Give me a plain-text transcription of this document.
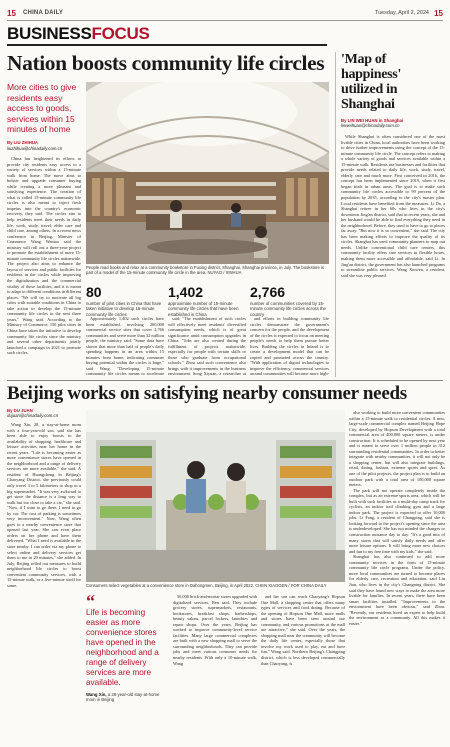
15 CHINA DAILY	Tuesday, April 2, 2024 15
BUSINESSFOCUS
Nation boosts community life circles
More cities to give residents easy access to goods, services within 15 minutes of home
By LIU ZHIHUA
liuzhihua@chinadaily.com.cn

China has heightened its efforts to provide city residents easy access to a variety of services within a 15-minute walk from home. The move aims to bolster and upgrade consumer buying while creating a more pleasant and satisfying experience. The creation of what is called 15-minute community life circles is also meant to inject fresh impetus into the country's economic recovery, they said. The circles aim to help residents meet their needs in daily life, work, study, travel, elder care and child care, among others. In a recent news conference in Beijing, Minister of Commerce Wang Wentao said the ministry will roll out a three-year project to promote the establishment of more 15-minute community life circles nationwide. The project also aims to enhance the layout of services and public facilities for residents in the circles while improving the digitalization and the commercial vitality of these facilities, and it is meant to adapt to different conditions in different places. "We will try to motivate all big cities with suitable conditions in China to take action to develop the 15-minute community life circles in the next three years," Wang said. According to the Ministry of Commerce, 150 pilot cities in China have taken the initiative to develop community life circles since the ministry and several other departments jointly launched a campaign in 2021 to promote such circles.

People read books and relax at a community bookstore in Fuxing district, Shanghai. Shanghai province, in July. The bookstore is part of a model of the 15-minute community life circle in the area. NUYAO / XINHUA
80
number of pilot cities in China that have taken initiative to develop 15-minute community life circles
1,402
approximate number of 15-minute community life circles that have been established in China
2,766
number of communities covered by 15-minute community life circles across the country

Approximately 1,402 such circles have been established, involving 200,000 commercial service sites that cover 2,766 communities and serve more than 32 million people, the ministry said. "Some data have shown that more than half of people's daily spending happens in an area within 15 minutes from home, indicating consumer buying potential within the circles is huge," said Wang. "Developing 15-minute community life circles means to accelerate

said: "The establishment of such circles will effectively meet residents' diversified consumption needs, which is of great significance amid consumption upgrades in China. "Jobs are also created during the fulfillment of projects nationwide, especially for people with certain skills or those who graduate from occupational schools." Zhou said such convenience also brings with it improvements in the business environment. Song Xiyuan, a researcher at

and efforts in building community life circles demonstrate the government's concern for the people, and the development of the circles is expected to focus on meeting people's needs to help them pursue better lives. Building the circles in Inland is to create a development model that can be copied and promoted across the country. "With application of digital technologies to improve the efficiency, commercial services around communities will become more high-

'Map of happiness' utilized in Shanghai
By LIN WEI HUAN in Shanghai
linweihuan@chinadaily.com.cn

While Shanghai is often considered one of the most livable cities in China, local authorities have been working to drive further improvements using the concept of the 15-minute community life circle. The concept refers to making a whole variety of goods and services available within a 15-minute walk. Residents use businesses and facilities that provide needs related to daily life, work, study, travel, elderly care and much more. First conceived in 2016, the concept has been implemented since 2019, when it first began trials in urban areas. The goal is to make such community life circles accessible to 99 percent of the population by 2035, according to the city's master plan. Local residents have benefited from the measures. Li Da, a Shanghai retiree in her 60s who lives in the city's downtown Jing'an district, said that in recent years, she and her husband would be able to find everything they need in the neighborhood. Before, they used to have to go to places far away. "But now it is so convenient," she said. The city has been making efforts to improve the quality of its circles. Shanghai has used community planners to map out needs. Unlike conventional child care centers, this community facility offers care services in flexible hours, making them more accessible and affordable, said Li. In Jing'an district, the government has also launched programs to streamline public services. Wang Xiuwen, a resident, said she was very pleased.

Beijing works on satisfying nearby consumer needs
By DU JUAN
dujuan@chinadaily.com.cn

Wang Xin, 28, a stay-at-home mom with a four-year-old son, said she has been able to enjoy boosts to the availability of shopping, healthcare and leisure activities near her home in the recent years. "Life is becoming easier as more convenience stores have opened in the neighborhood and a range of delivery services are more available," she said. A resident of Huangcheng in Beijing's Chaoyang District, she previously could only travel 3 to 5 kilometers to shop in a big supermarket. "It was very awkward to get since the distance is a long way to walk but too close to take a car," she said. "Now, if I want to go there, I need to go by car. The cost of parking is sometimes very inconvenient." Now, Wang often goes to a nearby convenience store that opened last year. She can even place orders on her phone and have them delivered. "What I need is available in the store nearby. I can order via my phone to select online and delivery services get them to me in 20 minutes," she added. In July, Beijing rolled out measures to build neighborhood life circles to boost convenient community services, with a 15-minute walk, or a five-minute stroll for some.	Consumers select vegetables at a convenience store in Dahongmen, Beijing, in April 2022. CHEN XIAOGEN / FOR CHINA DAILY
“
Life is becoming easier as more convenience stores have opened in the neighborhood and a range of delivery services are more available.
Wang Xin, a 28-year-old stay-at-home mom in Beijing

50,000 brick-and-mortar stores upgraded with digitalized services, Ren said. They include grocery stores, supermarkets, restaurants, bookstores, breakfast shops, barbershops, beauty salons, parcel lockers, laundries and repair shops. Over the years, Beijing has worked to improve community-level service facilities. Many large commercial complexes are built with a new shopping mall to serve the surrounding neighborhoods. They can provide jobs and meet various consumer needs for nearby residents. With only a 10-minute walk, Wang

and her son can reach Chaoyang's Hopson One Mall, a shopping center that offers many types of services and food dining. Because of the opening of Hopson One Mall, more malls and stores have been seen around our community, and various promotions at the mall are attractive," she said. Over the years, the shopping mall near the community will become the daily life center, especially those that involve my work used to play, eat and have fun," Wang said. Northern Beijing's Changping district, which is less developed commercially than Chaoyang, is

also working to build more convenient communities within a 15-minute walk to residential circles. A new, large-scale commercial complex named Beijing Hope City, developed by Hopson Development with a total commercial area of 400,000 square meters, is under construction. It is scheduled to be opened by next year and is meant to serve over 1 million people in 312 surrounding residential communities. In order to better integrate with nearby communities, it will not only be a shopping center, but will also integrate buildings, retail, dining, fashion, extreme sports and sport. As one of the pilot projects, the project plan is to build an outdoor park with a total area of 100,000 square meters.

The park will not operate completely inside the complex, but as an extreme sports area, which will be built with such facilities as a multi-day camp track for cyclists, an indoor trail climbing gym and a large indoor park. The project is expected to offer 10,000 jobs. Li Fang, a resident of Changping, said she is looking forward to the project's opening since the area is underdeveloped. She has not minded the changes or construction nuisance day to day. "It's a good mix of many stores that will satisfy daily needs and offer more leisure options. It will bring more new choices and fun to my free time with my kids," she said.

Shanghai has also continued to add more community services in the form of 15-minute community life circle programs. Under the policy, more local communities are turned to become places for elderly care, recreation and education, said Lin Jian, who lives in the city's Changning district. She said they have found new ways to make the area more livable for families. In recent years, there have been smart facilities installed. "Improvements to the environment have been obvious," said Zhou. "Recently, our residents hired an expert to help build the environment as a community. All this makes it easier."
